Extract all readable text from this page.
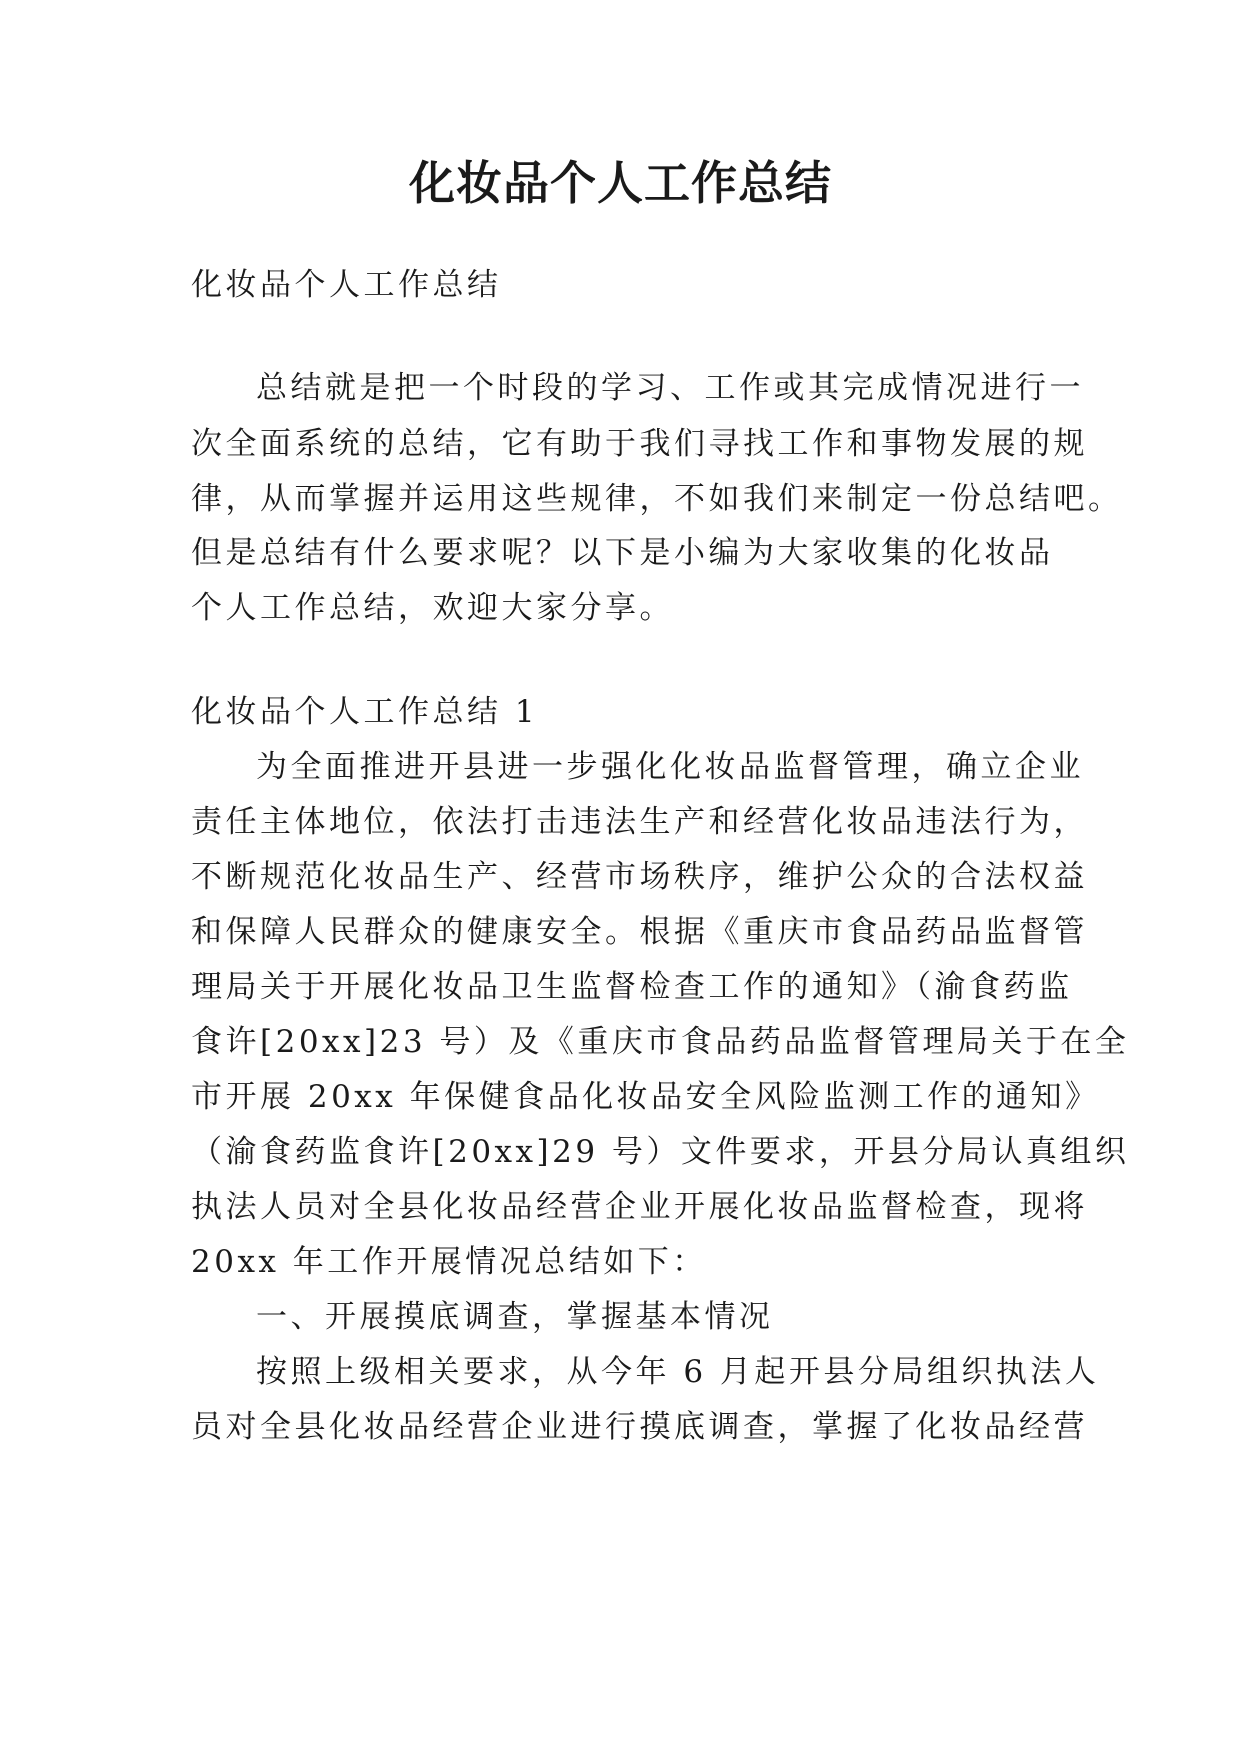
化妆品个人工作总结

化妆品个人工作总结

总结就是把一个时段的学习、工作或其完成情况进行一

次全面系统的总结，它有助于我们寻找工作和事物发展的规

律，从而掌握并运用这些规律，不如我们来制定一份总结吧。

但是总结有什么要求呢？以下是小编为大家收集的化妆品

个人工作总结，欢迎大家分享。

化妆品个人工作总结 1

为全面推进开县进一步强化化妆品监督管理，确立企业

责任主体地位，依法打击违法生产和经营化妆品违法行为，

不断规范化妆品生产、经营市场秩序，维护公众的合法权益

和保障人民群众的健康安全。根据《重庆市食品药品监督管

理局关于开展化妆品卫生监督检查工作的通知》（渝食药监

食许[20xx]23 号）及《重庆市食品药品监督管理局关于在全

市开展 20xx 年保健食品化妆品安全风险监测工作的通知》

（渝食药监食许[20xx]29 号）文件要求，开县分局认真组织

执法人员对全县化妆品经营企业开展化妆品监督检查，现将

20xx 年工作开展情况总结如下：

一、开展摸底调查，掌握基本情况

按照上级相关要求，从今年 6 月起开县分局组织执法人

员对全县化妆品经营企业进行摸底调查，掌握了化妆品经营
